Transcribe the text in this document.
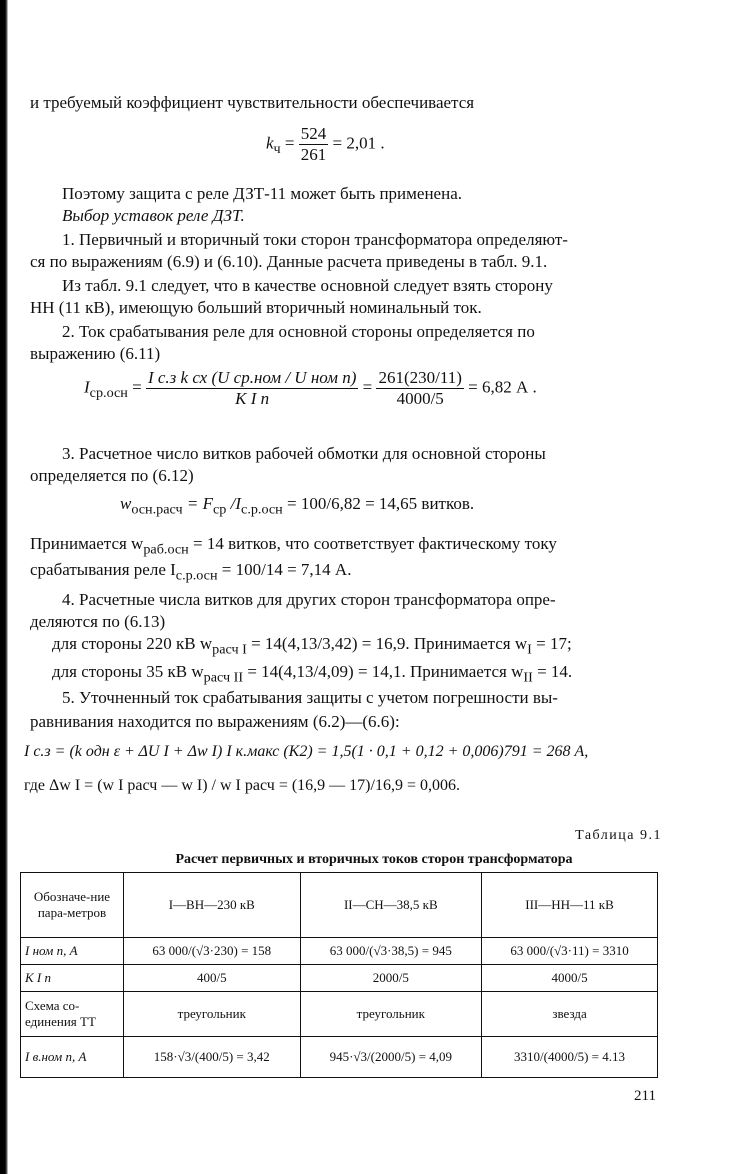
и требуемый коэффициент чувствительности обеспечивается
$k_ч = \frac{524}{261} = 2,01$ .
Поэтому защита с реле ДЗТ-11 может быть применена.
Выбор уставок реле ДЗТ.
1. Первичный и вторичный токи сторон трансформатора определяют-
ся по выражениям (6.9) и (6.10). Данные расчета приведены в табл. 9.1.
Из табл. 9.1 следует, что в качестве основной следует взять сторону
НН (11 кВ), имеющую больший вторичный номинальный ток.
2. Ток срабатывания реле для основной стороны определяется по
выражению (6.11)
$I_{ср.осн} = \frac{\text{I с.з k сх (U ср.ном / U ном n)}}{\text{K I n}} = \frac{261(230/11)}{4000/5} = 6,82$ А .
3. Расчетное число витков рабочей обмотки для основной стороны
определяется по (6.12)
$w_{осн.расч} = F_{ср}$ $/I_{с.р.осн} = 100/6,82 = 14,65$ витков.
Принимается $w_{раб.осн} = 14$ витков, что соответствует фактическому току
срабатывания реле $I_{с.р.осн} = 100/14 = 7,14$ А.
4. Расчетные числа витков для других сторон трансформатора опре-
деляются по (6.13)
для стороны 220 кВ $w_{расч I} = 14(4,13/3,42) = 16,9$. Принимается $w_I = 17$;
для стороны 35 кВ $w_{расч II} = 14(4,13/4,09) = 14,1$. Принимается $w_{II} = 14$.
5. Уточненный ток срабатывания защиты с учетом погрешности вы-
равнивания находится по выражениям (6.2)—(6.6):
I с.з = (k одн ε + ΔU I + Δw I) I к.макс (K2) = 1,5(1 · 0,1 + 0,12 + 0,006)791 = 268 А,
где Δw I = (w I расч — w I) / w I расч = (16,9 — 17)/16,9 = 0,006.
Таблица 9.1
Расчет первичных и вторичных токов сторон трансформатора
Обозначе-ние пара-метров	I—ВН—230 кВ	II—СН—38,5 кВ	III—НН—11 кВ
I ном n, А	63 000/(√3·230) = 158	63 000/(√3·38,5) = 945	63 000/(√3·11) = 3310
K I n	400/5	2000/5	4000/5
Схема со-единения ТТ	треугольник	треугольник	звезда
I в.ном n, А	158·√3/(400/5) = 3,42	945·√3/(2000/5) = 4,09	3310/(4000/5) = 4.13
211
